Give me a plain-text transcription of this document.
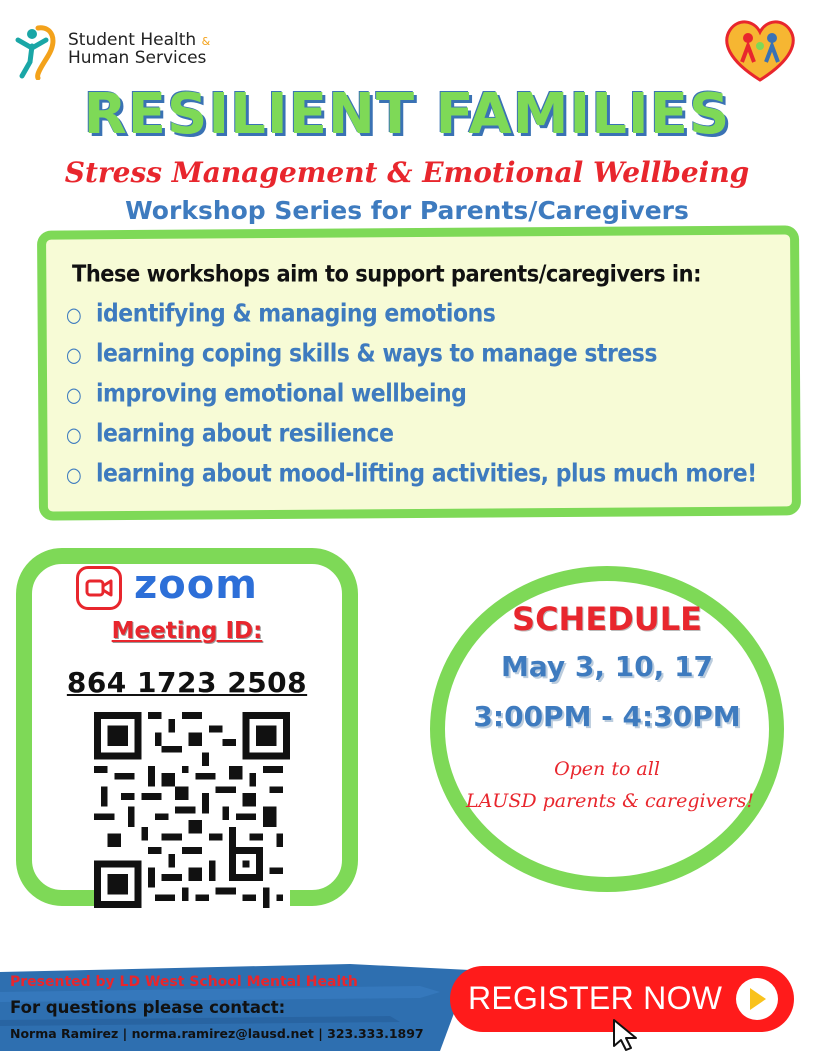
Student Health &
Human Services
RESILIENT FAMILIES
Stress Management & Emotional Wellbeing
Workshop Series for Parents/Caregivers
These workshops aim to support parents/caregivers in:
○ identifying & managing emotions
○ learning coping skills & ways to manage stress
○ improving emotional wellbeing
○ learning about resilience
○ learning about mood-lifting activities, plus much more!
zoom
Meeting ID:
864 1723 2508
SCHEDULE
May 3, 10, 17
3:00PM - 4:30PM
Open to all
LAUSD parents & caregivers!
Presented by LD West School Mental Health
For questions please contact:
Norma Ramirez | norma.ramirez@lausd.net | 323.333.1897
REGISTER NOW
